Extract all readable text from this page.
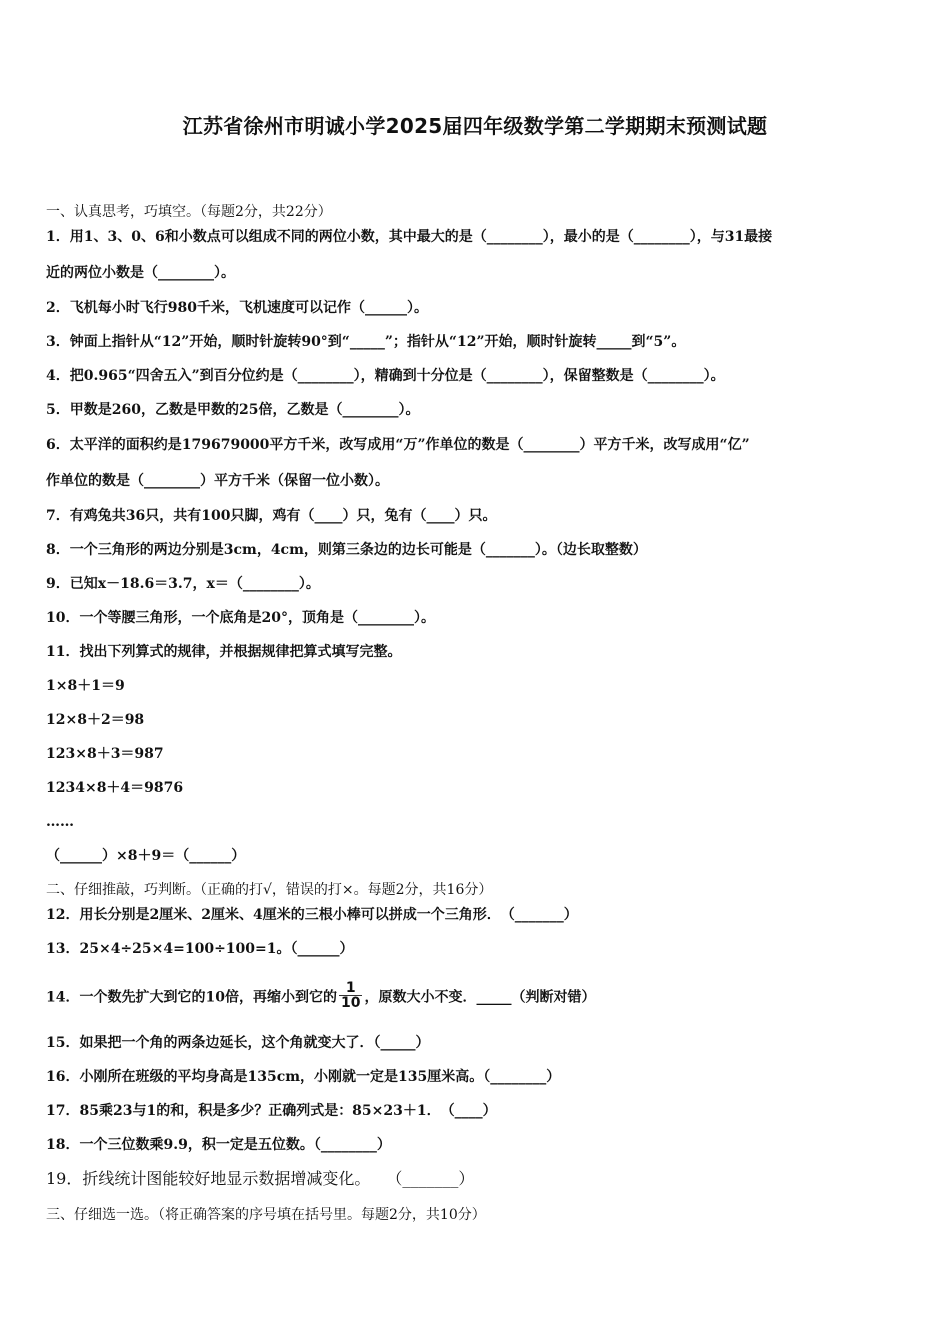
江苏省徐州市明诚小学2025届四年级数学第二学期期末预测试题
一、认真思考，巧填空。（每题2分，共22分）
1．用1、3、0、6和小数点可以组成不同的两位小数，其中最大的是（________），最小的是（________），与31最接
近的两位小数是（________）。
2．飞机每小时飞行980千米，飞机速度可以记作（______）。
3．钟面上指针从“12”开始，顺时针旋转90°到“_____”；指针从“12”开始，顺时针旋转_____到“5”。
4．把0.965“四舍五入”到百分位约是（________），精确到十分位是（________），保留整数是（________）。
5．甲数是260，乙数是甲数的25倍，乙数是（________）。
6．太平洋的面积约是179679000平方千米，改写成用“万”作单位的数是（________）平方千米，改写成用“亿”
作单位的数是（________）平方千米（保留一位小数）。
7．有鸡兔共36只，共有100只脚，鸡有（____）只，兔有（____）只。
8．一个三角形的两边分别是3cm，4cm，则第三条边的边长可能是（_______）。（边长取整数）
9．已知x－18.6＝3.7，x＝（________）。
10．一个等腰三角形，一个底角是20°，顶角是（________）。
11．找出下列算式的规律，并根据规律把算式填写完整。
1×8＋1＝9
12×8＋2＝98
123×8＋3＝987
1234×8＋4＝9876
……
（______）×8＋9＝（______）
二、仔细推敲，巧判断。（正确的打√，错误的打×。每题2分，共16分）
12．用长分别是2厘米、2厘米、4厘米的三根小棒可以拼成一个三角形．　（_______）
13．25×4÷25×4=100÷100=1。（______）
14．一个数先扩大到它的10倍，再缩小到它的 $\frac{1}{10}$ ，原数大小不变．_____（判断对错）
15．如果把一个角的两条边延长，这个角就变大了．（_____）
16．小刚所在班级的平均身高是135cm，小刚就一定是135厘米高。（________）
17．85乘23与1的和，积是多少？正确列式是：85×23＋1．　（____）
18．一个三位数乘9.9，积一定是五位数。（________）
19．折线统计图能较好地显示数据增减变化。　　（_______）
三、仔细选一选。（将正确答案的序号填在括号里。每题2分，共10分）
